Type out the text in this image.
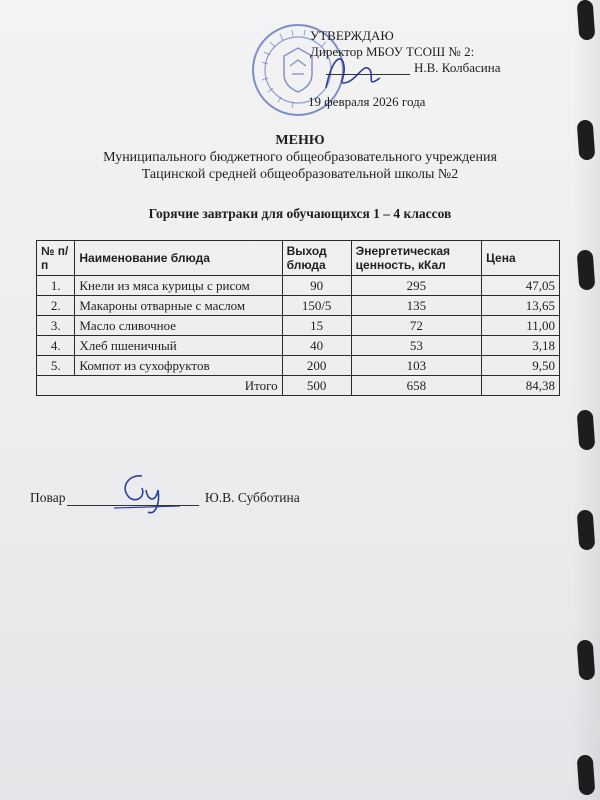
УТВЕРЖДАЮ
Директор МБОУ ТСОШ № 2:
Н.В. Колбасина
19 февраля 2026 года
МЕНЮ
Муниципального бюджетного общеобразовательного учреждения
Тацинской средней общеобразовательной школы №2
Горячие завтраки для обучающихся 1 – 4 классов
№ п/п	Наименование блюда	Выход блюда	Энергетическая ценность, кКал	Цена
1.	Кнели из мяса курицы с рисом	90	295	47,05
2.	Макароны отварные с маслом	150/5	135	13,65
3.	Масло сливочное	15	72	11,00
4.	Хлеб пшеничный	40	53	3,18
5.	Компот из сухофруктов	200	103	9,50
Итого		500	658	84,38
Повар	Ю.В. Субботина
